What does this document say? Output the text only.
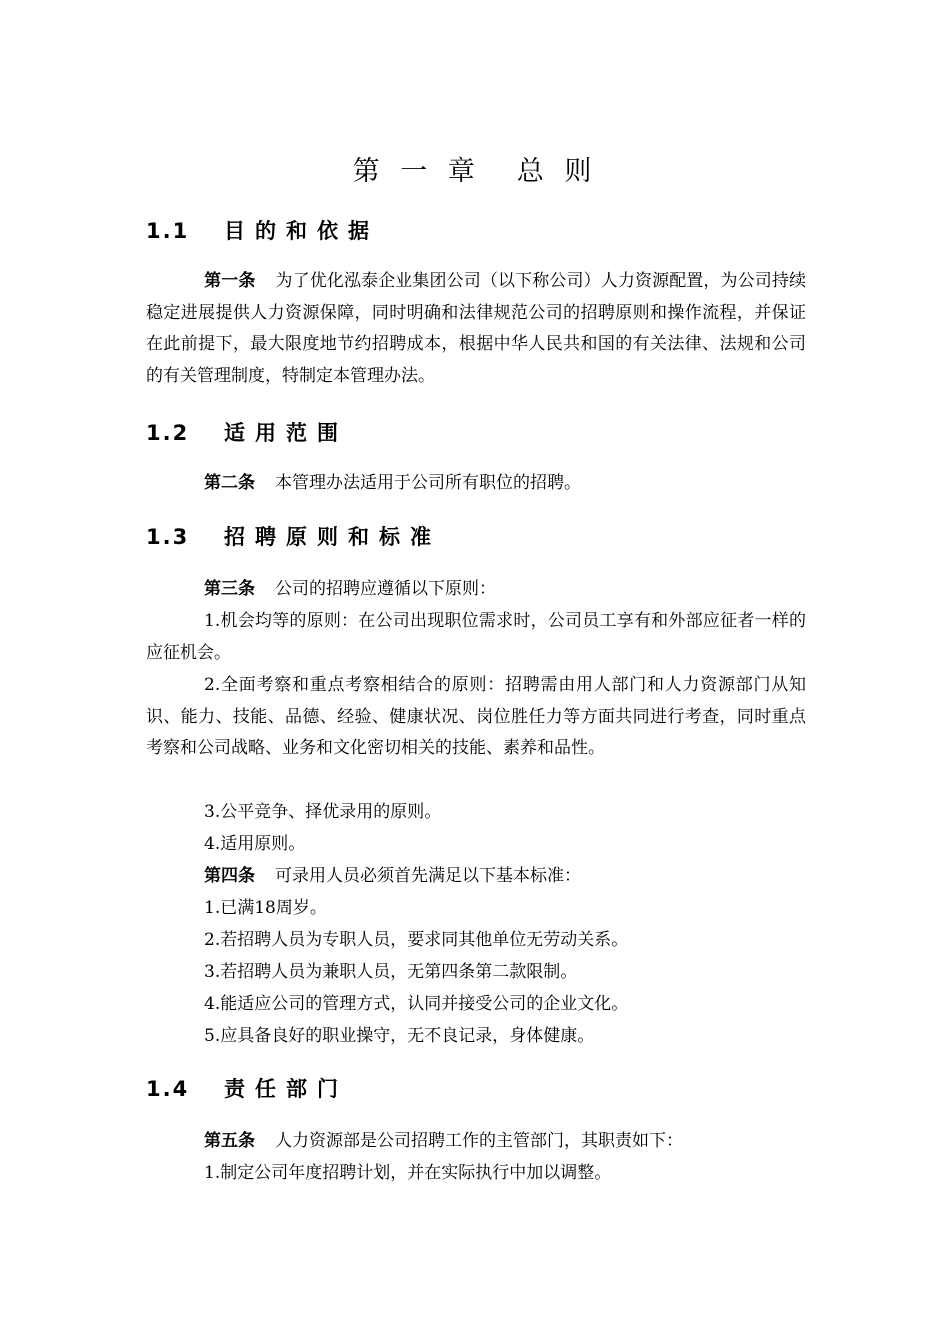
第 一 章 总 则
1.1 目的和依据
第一条 为了优化泓泰企业集团公司（以下称公司）人力资源配置，为公司持续稳定进展提供人力资源保障，同时明确和法律规范公司的招聘原则和操作流程，并保证在此前提下，最大限度地节约招聘成本，根据中华人民共和国的有关法律、法规和公司的有关管理制度，特制定本管理办法。
1.2 适用范围
第二条 本管理办法适用于公司所有职位的招聘。
1.3 招聘原则和标准
第三条 公司的招聘应遵循以下原则：
1.机会均等的原则：在公司出现职位需求时，公司员工享有和外部应征者一样的应征机会。
2.全面考察和重点考察相结合的原则：招聘需由用人部门和人力资源部门从知识、能力、技能、品德、经验、健康状况、岗位胜任力等方面共同进行考查，同时重点考察和公司战略、业务和文化密切相关的技能、素养和品性。
3.公平竞争、择优录用的原则。
4.适用原则。
第四条 可录用人员必须首先满足以下基本标准：
1.已满18周岁。
2.若招聘人员为专职人员，要求同其他单位无劳动关系。
3.若招聘人员为兼职人员，无第四条第二款限制。
4.能适应公司的管理方式，认同并接受公司的企业文化。
5.应具备良好的职业操守，无不良记录，身体健康。
1.4 责任部门
第五条 人力资源部是公司招聘工作的主管部门，其职责如下：
1.制定公司年度招聘计划，并在实际执行中加以调整。
